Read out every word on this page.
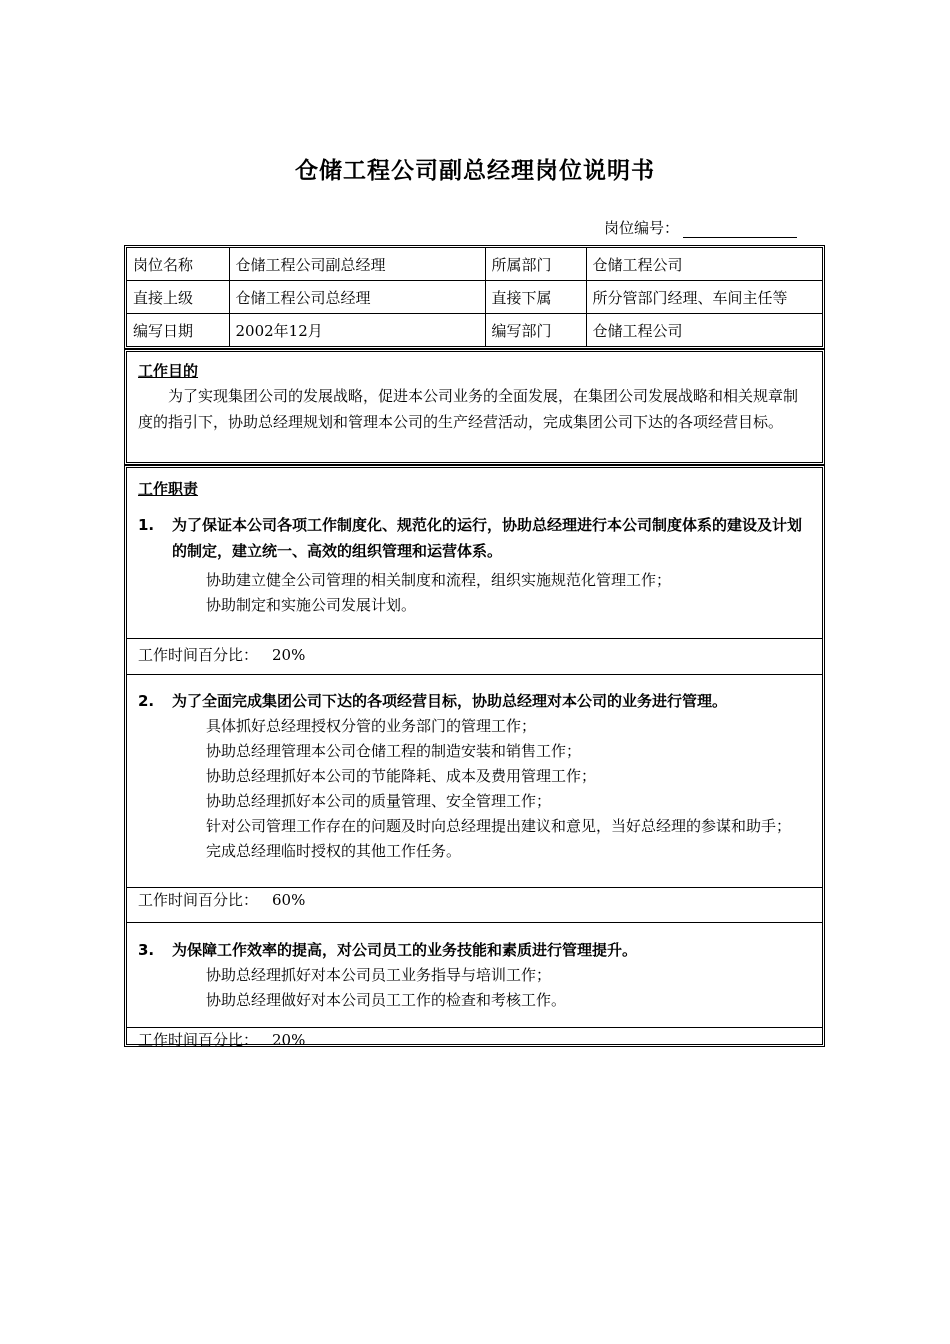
仓储工程公司副总经理岗位说明书
岗位编号：
岗位名称	仓储工程公司副总经理	所属部门	仓储工程公司
直接上级	仓储工程公司总经理	直接下属	所分管部门经理、车间主任等
编写日期	2002年12月	编写部门	仓储工程公司
工作目的
为了实现集团公司的发展战略，促进本公司业务的全面发展，在集团公司发展战略和相关规章制度的指引下，协助总经理规划和管理本公司的生产经营活动，完成集团公司下达的各项经营目标。
工作职责
1. 为了保证本公司各项工作制度化、规范化的运行，协助总经理进行本公司制度体系的建设及计划的制定，建立统一、高效的组织管理和运营体系。
协助建立健全公司管理的相关制度和流程，组织实施规范化管理工作；
协助制定和实施公司发展计划。
工作时间百分比： 20%
2. 为了全面完成集团公司下达的各项经营目标，协助总经理对本公司的业务进行管理。
具体抓好总经理授权分管的业务部门的管理工作；
协助总经理管理本公司仓储工程的制造安装和销售工作；
协助总经理抓好本公司的节能降耗、成本及费用管理工作；
协助总经理抓好本公司的质量管理、安全管理工作；
针对公司管理工作存在的问题及时向总经理提出建议和意见，当好总经理的参谋和助手；
完成总经理临时授权的其他工作任务。
工作时间百分比： 60%
3. 为保障工作效率的提高，对公司员工的业务技能和素质进行管理提升。
协助总经理抓好对本公司员工业务指导与培训工作；
协助总经理做好对本公司员工工作的检查和考核工作。
工作时间百分比： 20%
